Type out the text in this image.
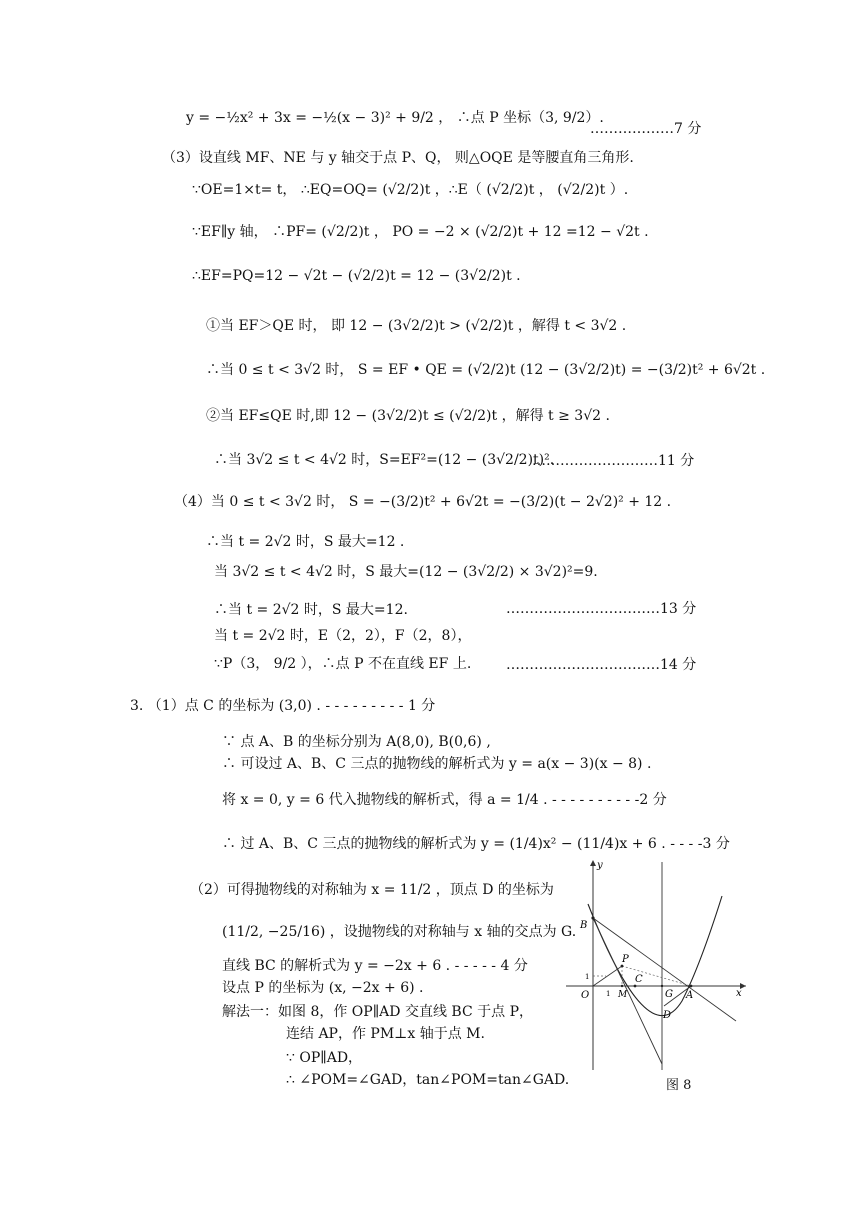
y = −½x² + 3x = −½(x − 3)² + 9/2 ， ∴点 P 坐标（3, 9/2）.
（3）设直线 MF、NE 与 y 轴交于点 P、Q， 则△OQE 是等腰直角三角形.
∵OE=1×t= t， ∴EQ=OQ= (√2/2)t ，∴E（ (√2/2)t ， (√2/2)t ）.
∵EF∥y 轴， ∴PF= (√2/2)t ， PO = −2 × (√2/2)t + 12 =12 − √2t .
∴EF=PQ=12 − √2t − (√2/2)t = 12 − (3√2/2)t .
①当 EF＞QE 时， 即 12 − (3√2/2)t > (√2/2)t ，解得 t < 3√2 .
∴当 0 ≤ t < 3√2 时， S = EF • QE = (√2/2)t (12 − (3√2/2)t) = −(3/2)t² + 6√2t .
②当 EF≤QE 时,即 12 − (3√2/2)t ≤ (√2/2)t ，解得 t ≥ 3√2 .
∴当 3√2 ≤ t < 4√2 时，S=EF²=(12 − (3√2/2)t)².
（4）当 0 ≤ t < 3√2 时， S = −(3/2)t² + 6√2t = −(3/2)(t − 2√2)² + 12 .
∴当 t = 2√2 时，S 最大=12 .
当 3√2 ≤ t < 4√2 时，S 最大=(12 − (3√2/2) × 3√2)²=9.
∴当 t = 2√2 时，S 最大=12.
当 t = 2√2 时，E（2，2），F（2，8），
∵P（3， 9/2 ），∴点 P 不在直线 EF 上.
3. （1）点 C 的坐标为 (3,0) . - - - - - - - - - 1 分
∵ 点 A、B 的坐标分别为 A(8,0), B(0,6) ,
∴ 可设过 A、B、C 三点的抛物线的解析式为 y = a(x − 3)(x − 8) .
将 x = 0, y = 6 代入抛物线的解析式，得 a = 1/4 . - - - - - - - - - -2 分
∴ 过 A、B、C 三点的抛物线的解析式为 y = (1/4)x² − (11/4)x + 6 . - - - -3 分
（2）可得抛物线的对称轴为 x = 11/2 ，顶点 D 的坐标为
(11/2, −25/16) ，设抛物线的对称轴与 x 轴的交点为 G.
直线 BC 的解析式为 y = −2x + 6 . - - - - - 4 分
设点 P 的坐标为 (x, −2x + 6) .
解法一：如图 8，作 OP∥AD 交直线 BC 于点 P，
连结 AP，作 PM⊥x 轴于点 M.
∵ OP∥AD，
∴ ∠POM=∠GAD，tan∠POM=tan∠GAD.
………………7 分
………………………11 分
……………………………13 分
……………………………14 分
y
x
B
P
1
O 1 M
C
G A
D
图 8
